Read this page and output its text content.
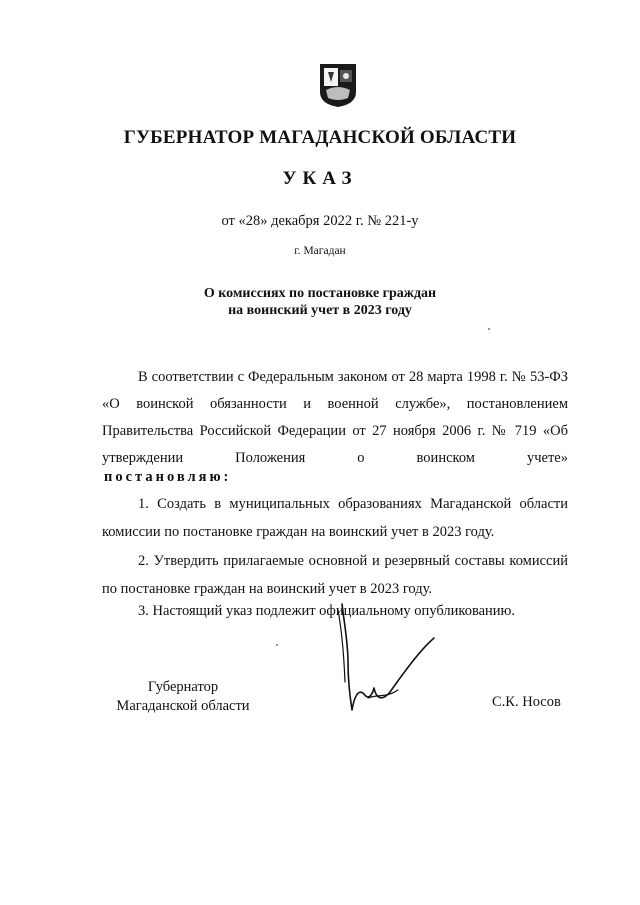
ГУБЕРНАТОР МАГАДАНСКОЙ ОБЛАСТИ
УКАЗ
от «28» декабря 2022 г. № 221-у
г. Магадан
О комиссиях по постановке граждан
на воинский учет в 2023 году
В соответствии с Федеральным законом от 28 марта 1998 г. № 53-ФЗ «О воинской обязанности и военной службе», постановлением Правительства Российской Федерации от 27 ноября 2006 г. № 719 «Об утверждении Положения о воинском учете»
постановляю:
1. Создать в муниципальных образованиях Магаданской области комиссии по постановке граждан на воинский учет в 2023 году.
2. Утвердить прилагаемые основной и резервный составы комиссий по постановке граждан на воинский учет в 2023 году.
3. Настоящий указ подлежит официальному опубликованию.
Губернатор
Магаданской области	С.К. Носов
